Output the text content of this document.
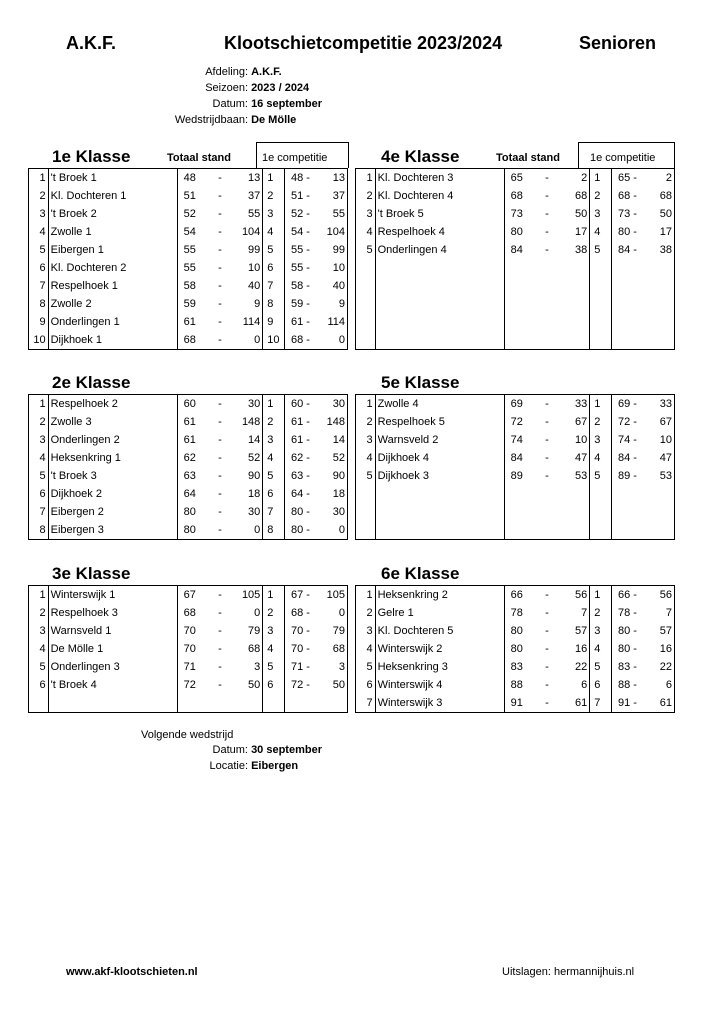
A.K.F.	Klootschietcompetitie 2023/2024	Senioren
Afdeling: A.K.F.
Seizoen: 2023 / 2024
Datum: 16 september
Wedstrijdbaan: De Mölle
1e Klasse	Totaal stand	1e competitie	4e Klasse	Totaal stand	1e competitie
2e Klasse	5e Klasse
3e Klasse	6e Klasse
1	't Broek 1	48	-	13	1	48 -	13
2	Kl. Dochteren 1	51	-	37	2	51 -	37
3	't Broek 2	52	-	55	3	52 -	55
4	Zwolle 1	54	-	104	4	54 -	104
5	Eibergen 1	55	-	99	5	55 -	99
6	Kl. Dochteren 2	55	-	10	6	55 -	10
7	Respelhoek 1	58	-	40	7	58 -	40
8	Zwolle 2	59	-	9	8	59 -	9
9	Onderlingen 1	61	-	114	9	61 -	114
10	Dijkhoek 1	68	-	0	10	68 -	0
1	Kl. Dochteren 3	65	-	2	1	65 -	2
2	Kl. Dochteren 4	68	-	68	2	68 -	68
3	't Broek 5	73	-	50	3	73 -	50
4	Respelhoek 4	80	-	17	4	80 -	17
5	Onderlingen 4	84	-	38	5	84 -	38

1	Respelhoek 2	60	-	30	1	60 -	30
2	Zwolle 3	61	-	148	2	61 -	148
3	Onderlingen 2	61	-	14	3	61 -	14
4	Heksenkring 1	62	-	52	4	62 -	52
5	't Broek 3	63	-	90	5	63 -	90
6	Dijkhoek 2	64	-	18	6	64 -	18
7	Eibergen 2	80	-	30	7	80 -	30
8	Eibergen 3	80	-	0	8	80 -	0
1	Zwolle 4	69	-	33	1	69 -	33
2	Respelhoek 5	72	-	67	2	72 -	67
3	Warnsveld 2	74	-	10	3	74 -	10
4	Dijkhoek 4	84	-	47	4	84 -	47
5	Dijkhoek 3	89	-	53	5	89 -	53

1	Winterswijk 1	67	-	105	1	67 -	105
2	Respelhoek 3	68	-	0	2	68 -	0
3	Warnsveld 1	70	-	79	3	70 -	79
4	De Mölle 1	70	-	68	4	70 -	68
5	Onderlingen 3	71	-	3	5	71 -	3
6	't Broek 4	72	-	50	6	72 -	50

1	Heksenkring 2	66	-	56	1	66 -	56
2	Gelre 1	78	-	7	2	78 -	7
3	Kl. Dochteren 5	80	-	57	3	80 -	57
4	Winterswijk 2	80	-	16	4	80 -	16
5	Heksenkring 3	83	-	22	5	83 -	22
6	Winterswijk 4	88	-	6	6	88 -	6
7	Winterswijk 3	91	-	61	7	91 -	61
Volgende wedstrijd
Datum: 30 september
Locatie: Eibergen
www.akf-klootschieten.nl	Uitslagen: hermannijhuis.nl
